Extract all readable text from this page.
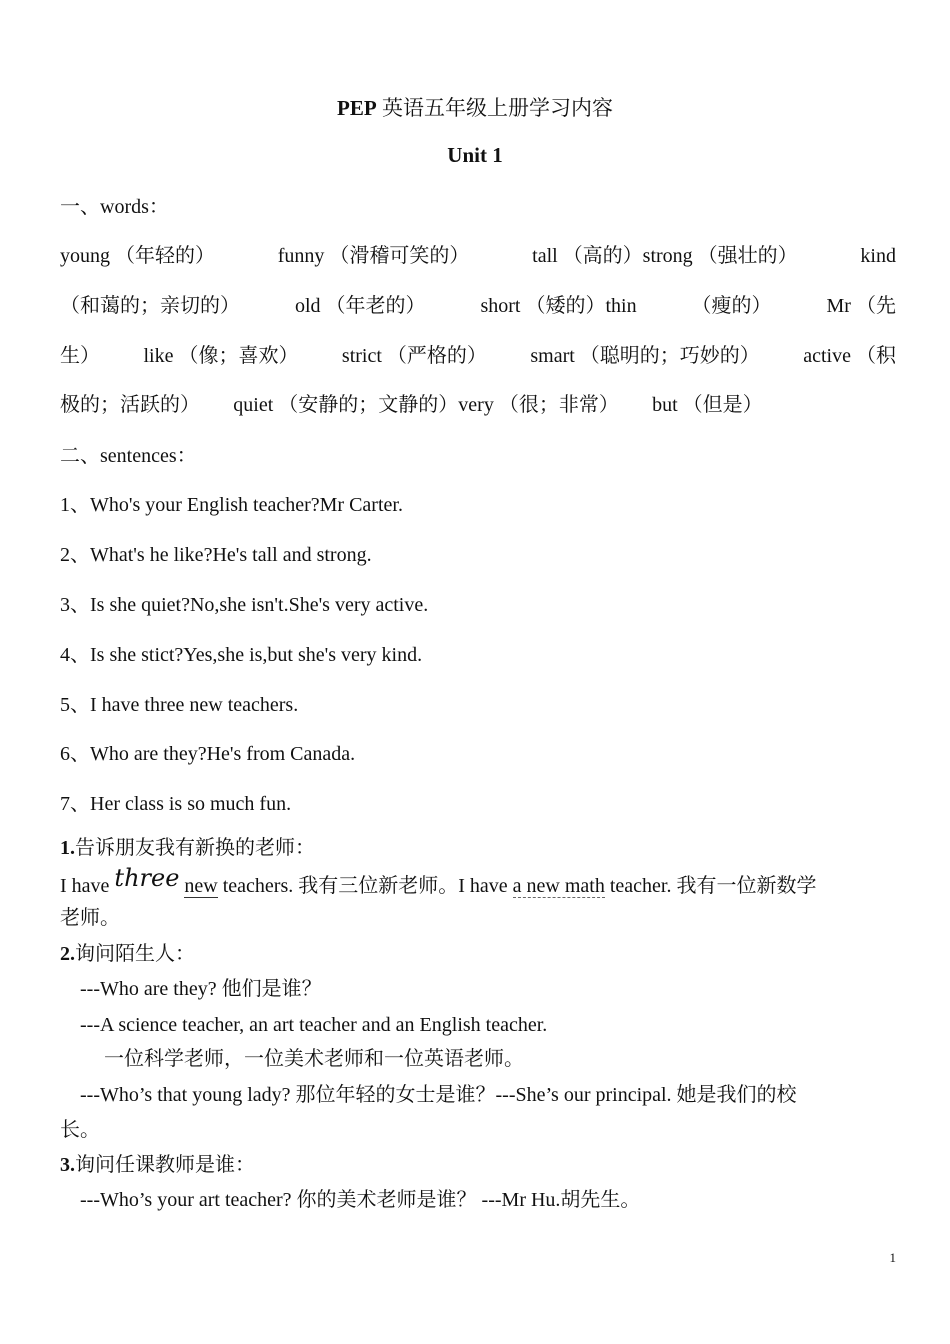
PEP 英语五年级上册学习内容
Unit 1
一、words：
young （年轻的）	funny （滑稽可笑的）	tall （高的）strong （强壮的）	kind
（和蔼的；亲切的）	old （年老的）	short （矮的）thin	（瘦的）	Mr （先
生） like （像；喜欢） strict （严格的） smart （聪明的；巧妙的） active （积
极的；活跃的） quiet （安静的；文静的）very （很；非常） but （但是）
二、sentences：
1、Who's your English teacher?Mr Carter.
2、What's he like?He's tall and strong.
3、Is she quiet?No,she isn't.She's very active.
4、Is she stict?Yes,she is,but she's very kind.
5、I have three new teachers.
6、Who are they?He's from Canada.
7、Her class is so much fun.
1.告诉朋友我有新换的老师：
I have three new teachers. 我有三位新老师。I have a new math teacher. 我有一位新数学
老师。
2.询问陌生人：
---Who are they? 他们是谁？
---A science teacher, an art teacher and an English teacher.
一位科学老师，一位美术老师和一位英语老师。
---Who’s that young lady? 那位年轻的女士是谁？---She’s our principal. 她是我们的校
长。
3.询问任课教师是谁：
---Who’s your art teacher? 你的美术老师是谁？ ---Mr Hu.胡先生。
1
